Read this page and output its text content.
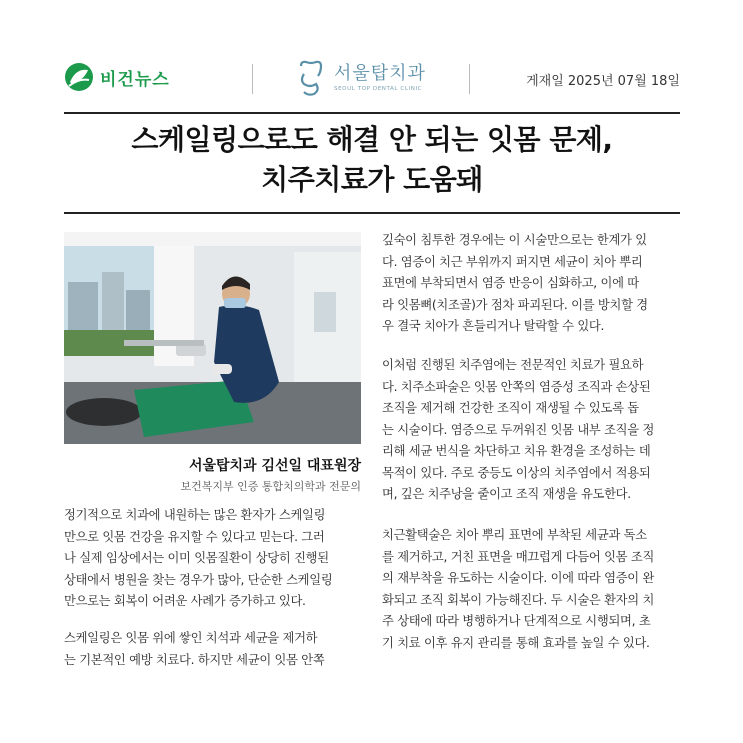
비건뉴스	서울탑치과
SEOUL TOP DENTAL CLINIC	게재일 2025년 07월 18일
스케일링으로도 해결 안 되는 잇몸 문제,
치주치료가 도움돼
서울탑치과 김선일 대표원장
보건복지부 인증 통합치의학과 전문의
정기적으로 치과에 내원하는 많은 환자가 스케일링
만으로 잇몸 건강을 유지할 수 있다고 믿는다. 그러
나 실제 임상에서는 이미 잇몸질환이 상당히 진행된
상태에서 병원을 찾는 경우가 많아, 단순한 스케일링
만으로는 회복이 어려운 사례가 증가하고 있다.
스케일링은 잇몸 위에 쌓인 치석과 세균을 제거하
는 기본적인 예방 치료다. 하지만 세균이 잇몸 안쪽
깊숙이 침투한 경우에는 이 시술만으로는 한계가 있
다. 염증이 치근 부위까지 퍼지면 세균이 치아 뿌리
표면에 부착되면서 염증 반응이 심화하고, 이에 따
라 잇몸뼈(치조골)가 점차 파괴된다. 이를 방치할 경
우 결국 치아가 흔들리거나 탈락할 수 있다.
이처럼 진행된 치주염에는 전문적인 치료가 필요하
다. 치주소파술은 잇몸 안쪽의 염증성 조직과 손상된
조직을 제거해 건강한 조직이 재생될 수 있도록 돕
는 시술이다. 염증으로 두꺼워진 잇몸 내부 조직을 정
리해 세균 번식을 차단하고 치유 환경을 조성하는 데
목적이 있다. 주로 중등도 이상의 치주염에서 적용되
며, 깊은 치주낭을 줄이고 조직 재생을 유도한다.
치근활택술은 치아 뿌리 표면에 부착된 세균과 독소
를 제거하고, 거친 표면을 매끄럽게 다듬어 잇몸 조직
의 재부착을 유도하는 시술이다. 이에 따라 염증이 완
화되고 조직 회복이 가능해진다. 두 시술은 환자의 치
주 상태에 따라 병행하거나 단계적으로 시행되며, 초
기 치료 이후 유지 관리를 통해 효과를 높일 수 있다.
